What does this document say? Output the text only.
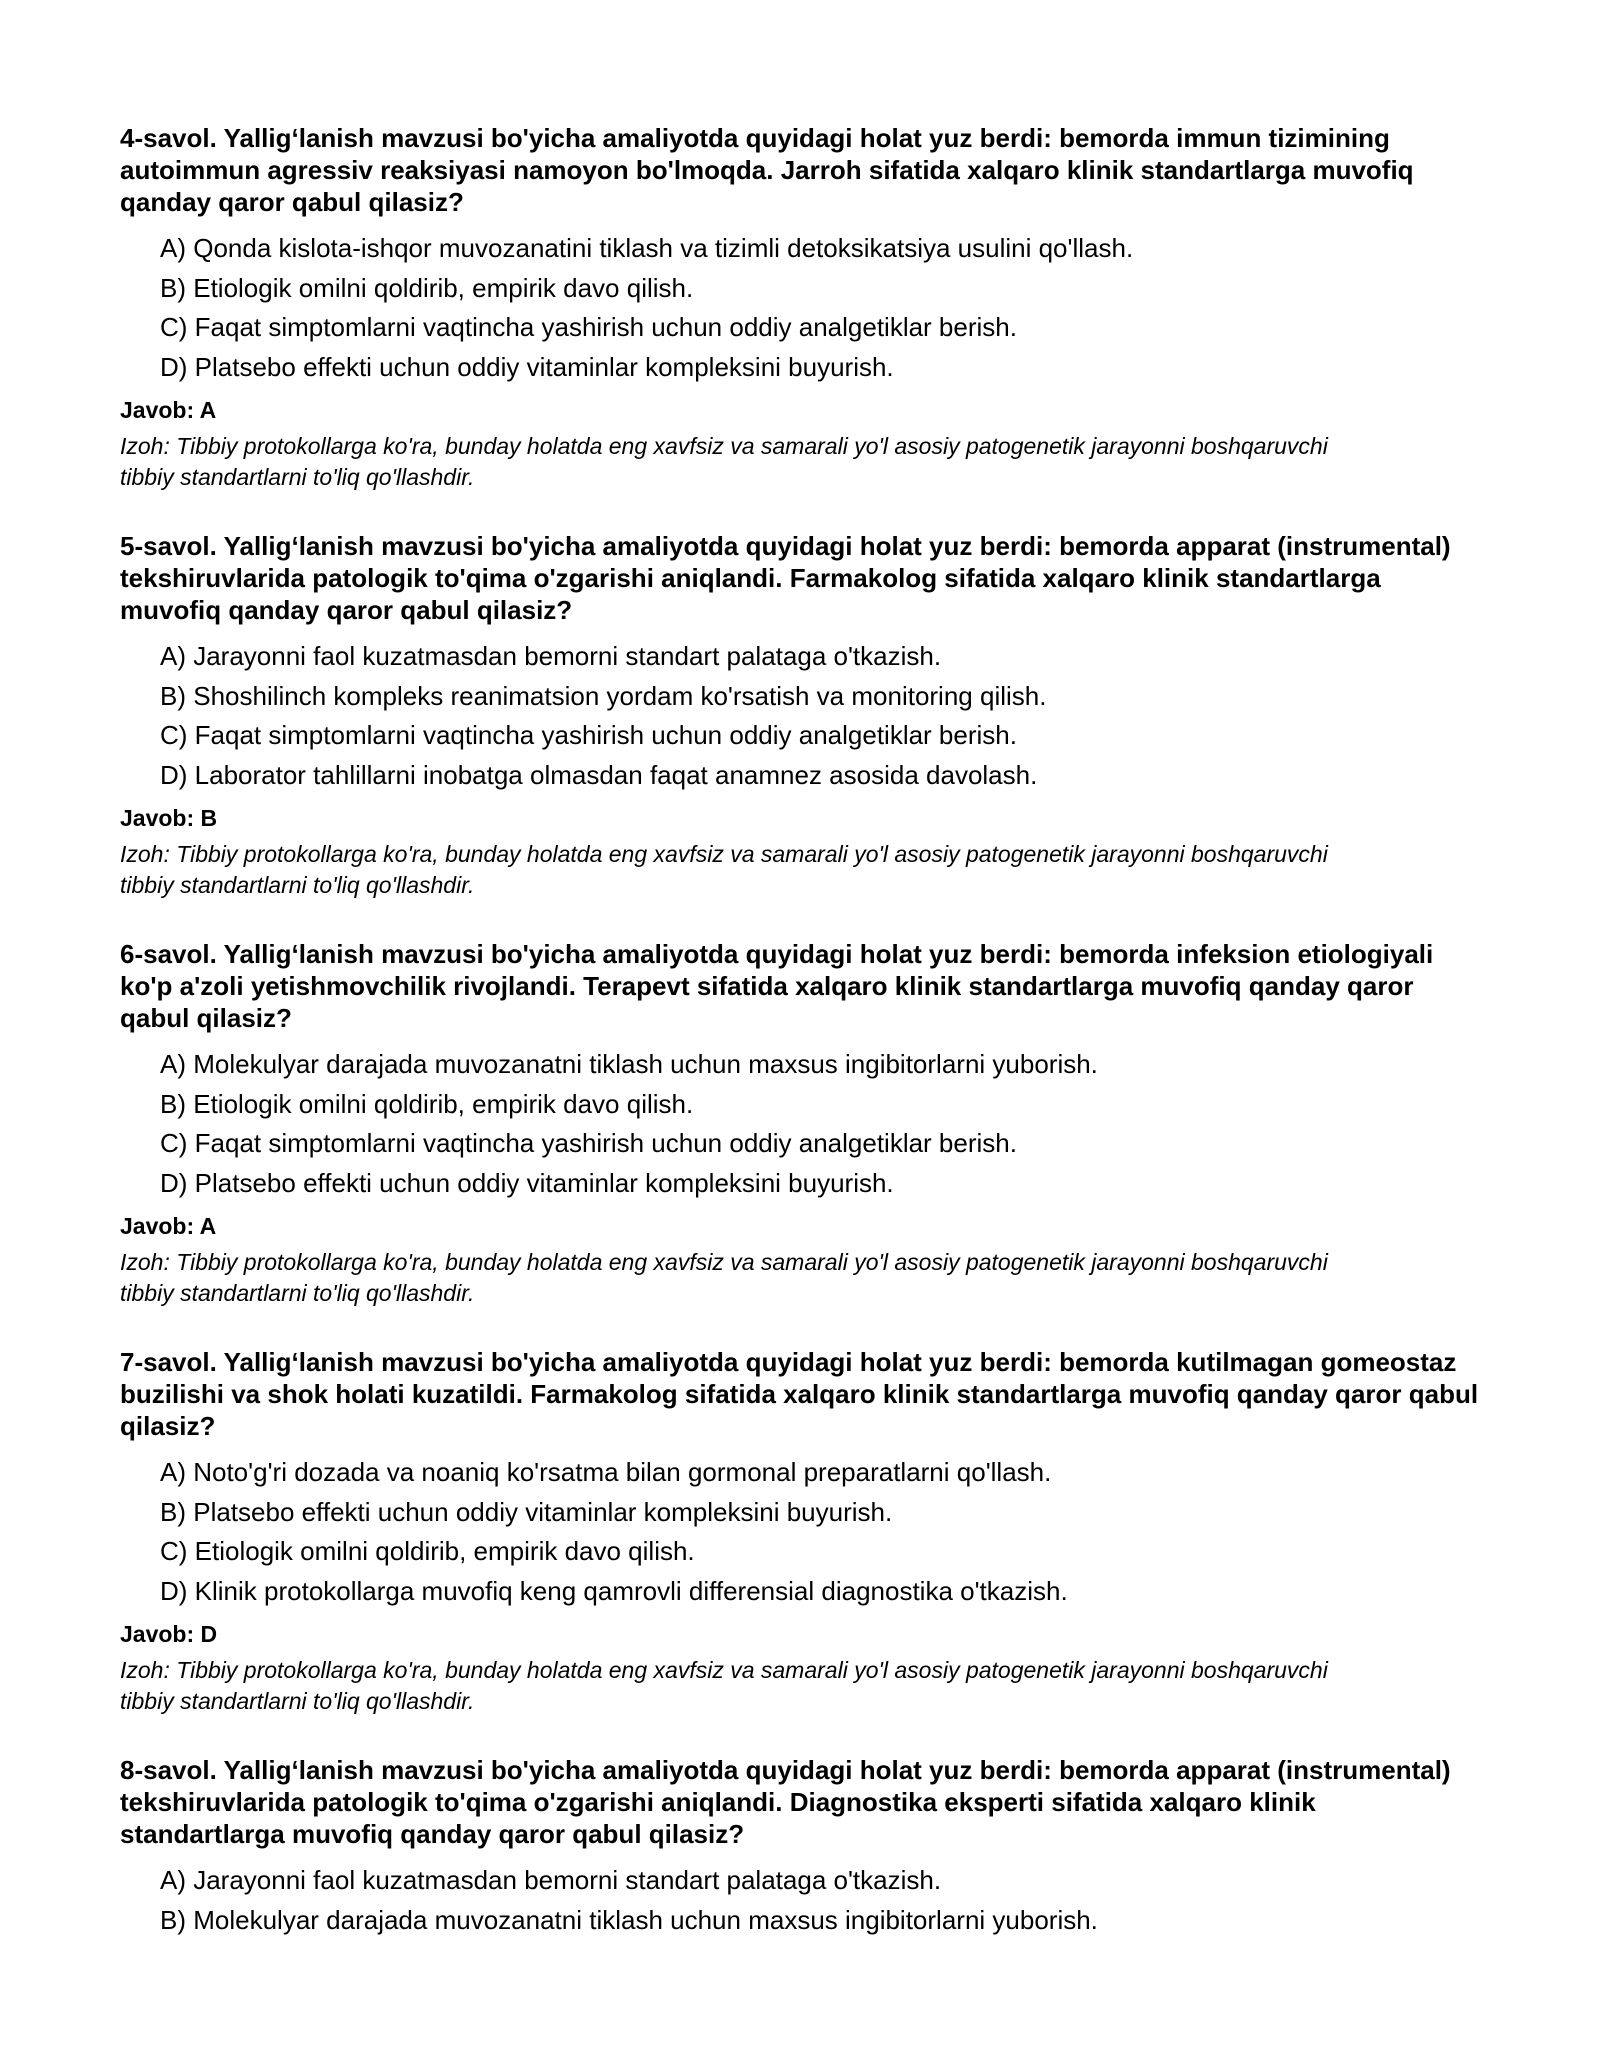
4-savol. Yallig‘lanish mavzusi bo'yicha amaliyotda quyidagi holat yuz berdi: bemorda immun tizimining autoimmun agressiv reaksiyasi namoyon bo'lmoqda. Jarroh sifatida xalqaro klinik standartlarga muvofiq qanday qaror qabul qilasiz?

A) Qonda kislota-ishqor muvozanatini tiklash va tizimli detoksikatsiya usulini qo'llash.
B) Etiologik omilni qoldirib, empirik davo qilish.
C) Faqat simptomlarni vaqtincha yashirish uchun oddiy analgetiklar berish.
D) Platsebo effekti uchun oddiy vitaminlar kompleksini buyurish.

Javob: A

Izoh: Tibbiy protokollarga ko'ra, bunday holatda eng xavfsiz va samarali yo'l asosiy patogenetik jarayonni boshqaruvchi tibbiy standartlarni to'liq qo'llashdir.

5-savol. Yallig‘lanish mavzusi bo'yicha amaliyotda quyidagi holat yuz berdi: bemorda apparat (instrumental) tekshiruvlarida patologik to'qima o'zgarishi aniqlandi. Farmakolog sifatida xalqaro klinik standartlarga muvofiq qanday qaror qabul qilasiz?

A) Jarayonni faol kuzatmasdan bemorni standart palataga o'tkazish.
B) Shoshilinch kompleks reanimatsion yordam ko'rsatish va monitoring qilish.
C) Faqat simptomlarni vaqtincha yashirish uchun oddiy analgetiklar berish.
D) Laborator tahlillarni inobatga olmasdan faqat anamnez asosida davolash.

Javob: B

Izoh: Tibbiy protokollarga ko'ra, bunday holatda eng xavfsiz va samarali yo'l asosiy patogenetik jarayonni boshqaruvchi tibbiy standartlarni to'liq qo'llashdir.

6-savol. Yallig‘lanish mavzusi bo'yicha amaliyotda quyidagi holat yuz berdi: bemorda infeksion etiologiyali ko'p a'zoli yetishmovchilik rivojlandi. Terapevt sifatida xalqaro klinik standartlarga muvofiq qanday qaror qabul qilasiz?

A) Molekulyar darajada muvozanatni tiklash uchun maxsus ingibitorlarni yuborish.
B) Etiologik omilni qoldirib, empirik davo qilish.
C) Faqat simptomlarni vaqtincha yashirish uchun oddiy analgetiklar berish.
D) Platsebo effekti uchun oddiy vitaminlar kompleksini buyurish.

Javob: A

Izoh: Tibbiy protokollarga ko'ra, bunday holatda eng xavfsiz va samarali yo'l asosiy patogenetik jarayonni boshqaruvchi tibbiy standartlarni to'liq qo'llashdir.

7-savol. Yallig‘lanish mavzusi bo'yicha amaliyotda quyidagi holat yuz berdi: bemorda kutilmagan gomeostaz buzilishi va shok holati kuzatildi. Farmakolog sifatida xalqaro klinik standartlarga muvofiq qanday qaror qabul qilasiz?

A) Noto'g'ri dozada va noaniq ko'rsatma bilan gormonal preparatlarni qo'llash.
B) Platsebo effekti uchun oddiy vitaminlar kompleksini buyurish.
C) Etiologik omilni qoldirib, empirik davo qilish.
D) Klinik protokollarga muvofiq keng qamrovli differensial diagnostika o'tkazish.

Javob: D

Izoh: Tibbiy protokollarga ko'ra, bunday holatda eng xavfsiz va samarali yo'l asosiy patogenetik jarayonni boshqaruvchi tibbiy standartlarni to'liq qo'llashdir.

8-savol. Yallig‘lanish mavzusi bo'yicha amaliyotda quyidagi holat yuz berdi: bemorda apparat (instrumental) tekshiruvlarida patologik to'qima o'zgarishi aniqlandi. Diagnostika eksperti sifatida xalqaro klinik standartlarga muvofiq qanday qaror qabul qilasiz?

A) Jarayonni faol kuzatmasdan bemorni standart palataga o'tkazish.
B) Molekulyar darajada muvozanatni tiklash uchun maxsus ingibitorlarni yuborish.
